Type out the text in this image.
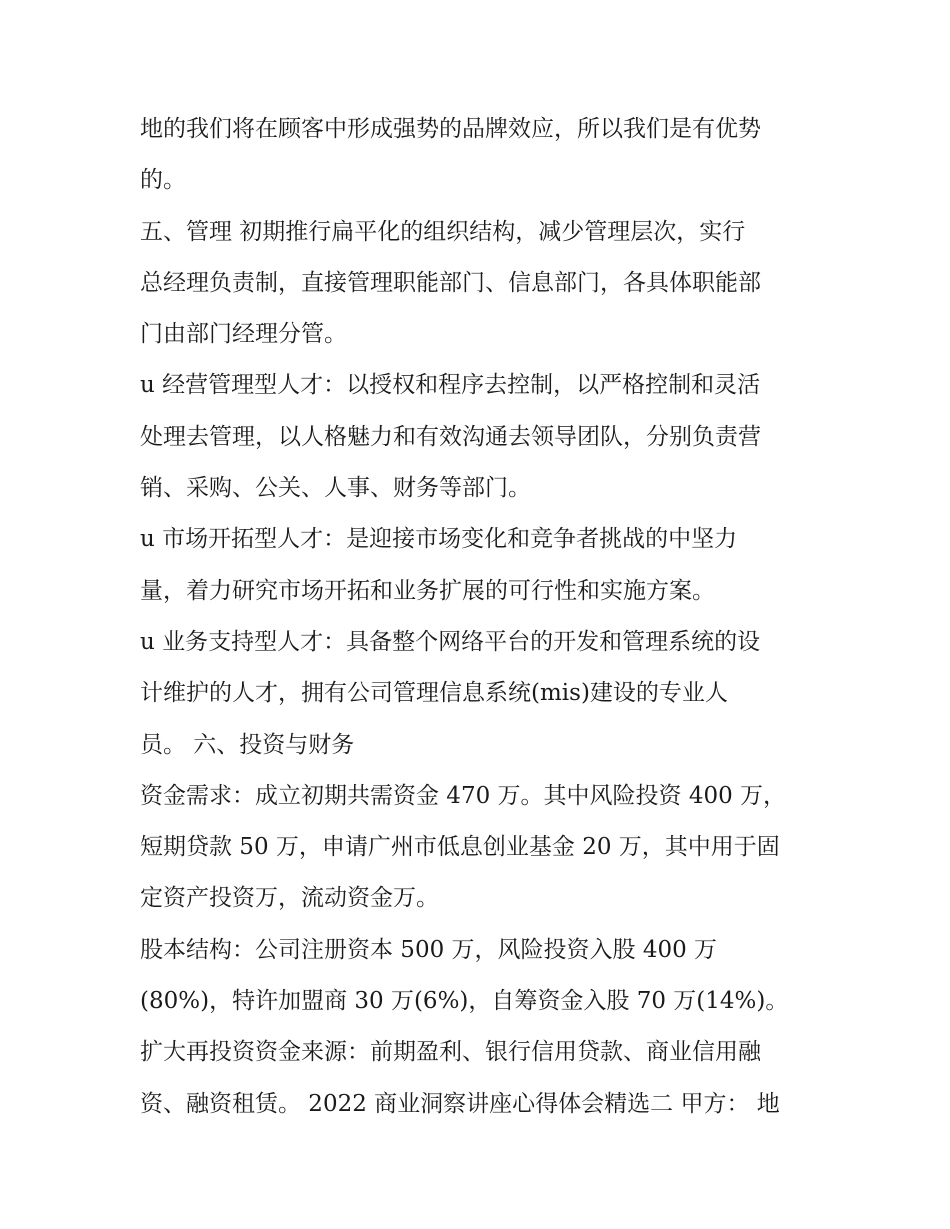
地的我们将在顾客中形成强势的品牌效应，所以我们是有优势
的。
五、管理 初期推行扁平化的组织结构，减少管理层次，实行
总经理负责制，直接管理职能部门、信息部门，各具体职能部
门由部门经理分管。
u 经营管理型人才：以授权和程序去控制，以严格控制和灵活
处理去管理，以人格魅力和有效沟通去领导团队，分别负责营
销、采购、公关、人事、财务等部门。
u 市场开拓型人才：是迎接市场变化和竞争者挑战的中坚力
量，着力研究市场开拓和业务扩展的可行性和实施方案。
u 业务支持型人才：具备整个网络平台的开发和管理系统的设
计维护的人才，拥有公司管理信息系统(mis)建设的专业人
员。 六、投资与财务
资金需求：成立初期共需资金 470 万。其中风险投资 400 万，
短期贷款 50 万，申请广州市低息创业基金 20 万，其中用于固
定资产投资万，流动资金万。
股本结构：公司注册资本 500 万，风险投资入股 400 万
(80%)，特许加盟商 30 万(6%)，自筹资金入股 70 万(14%)。
扩大再投资资金来源：前期盈利、银行信用贷款、商业信用融
资、融资租赁。 2022 商业洞察讲座心得体会精选二 甲方： 地
